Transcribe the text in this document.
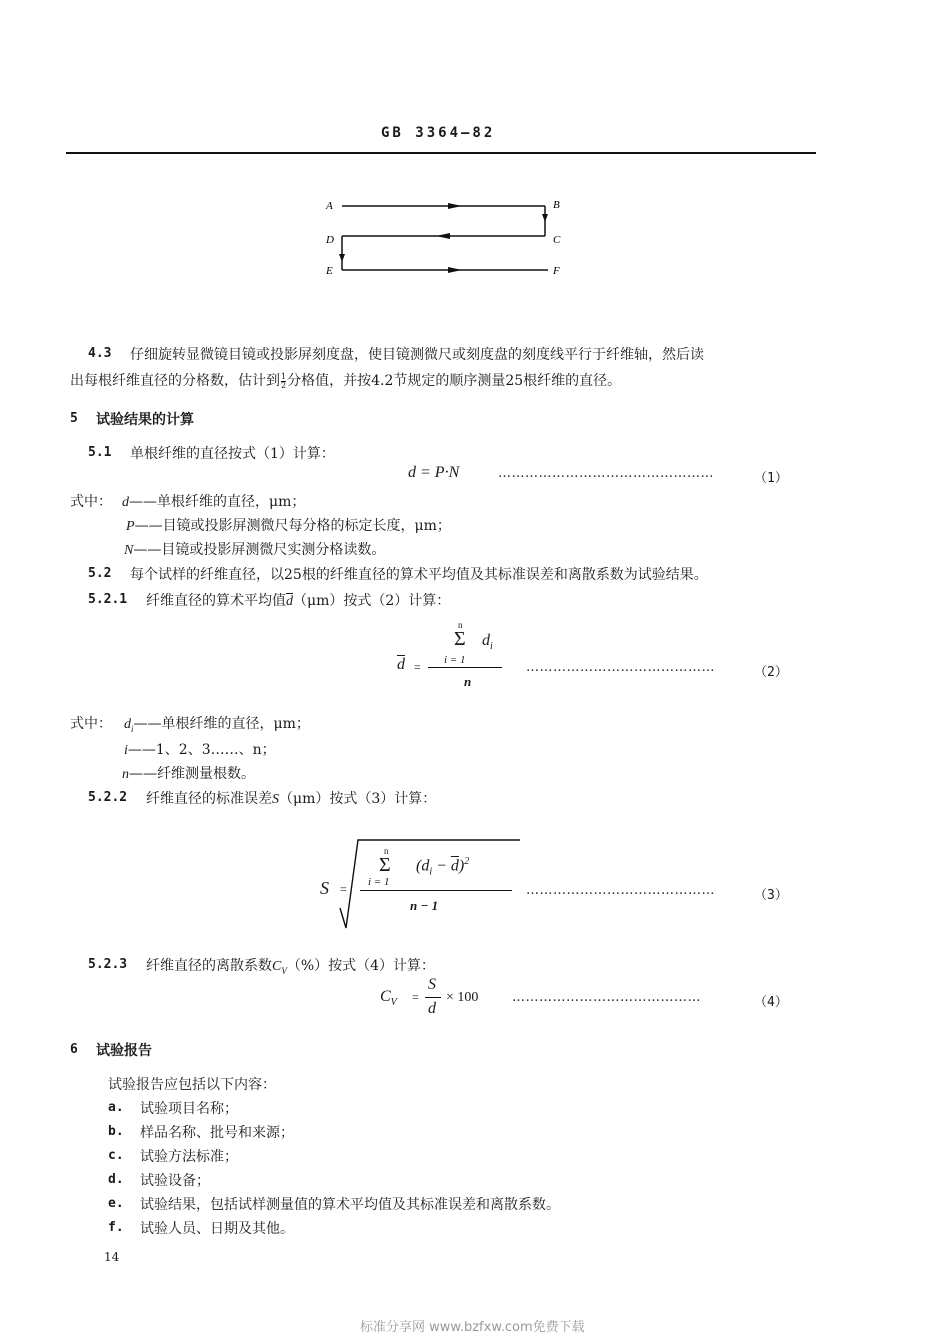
GB 3364—82
A	B
C
D
E	F
4.3 仔细旋转显微镜目镜或投影屏刻度盘，使目镜测微尺或刻度盘的刻度线平行于纤维轴，然后读
出每根纤维直径的分格数，估计到 $\frac{1}{2}$ 分格值，并按4.2节规定的顺序测量25根纤维的直径。
5 试验结果的计算
5.1 单根纤维的直径按式（1）计算：
d = P·N	…………………………………………	（1）
式中： d——单根纤维的直径，μm；
P——目镜或投影屏测微尺每分格的标定长度，μm；
N——目镜或投影屏测微尺实测分格读数。
5.2 每个试样的纤维直径，以25根的纤维直径的算术平均值及其标准误差和离散系数为试验结果。
5.2.1 纤维直径的算术平均值$\overline{d}(\mu m)$按式（2）计算：
n
Σ $d_i$
i = 1
$\overline{d}$ =
n
……………………………………	（2）
式中： $d_i——$单根纤维的直径，μm；
i——1、2、3……、n；
n——纤维测量根数。
5.2.2 纤维直径的标准误差S（μm）按式（3）计算：
n
Σ $(d_i - \overline{d})^2$
i = 1
S =
n − 1
……………………………………	（3）
5.2.3 纤维直径的离散系数$C_V(\%)$按式（4）计算：
$C_V$ =
S
d
× 100	……………………………………	（4）
6 试验报告
试验报告应包括以下内容：
a. 试验项目名称；
b. 样品名称、批号和来源；
c. 试验方法标准；
d. 试验设备；
e. 试验结果，包括试样测量值的算术平均值及其标准误差和离散系数。
f. 试验人员、日期及其他。
14
标准分享网 www.bzfxw.com免费下载
